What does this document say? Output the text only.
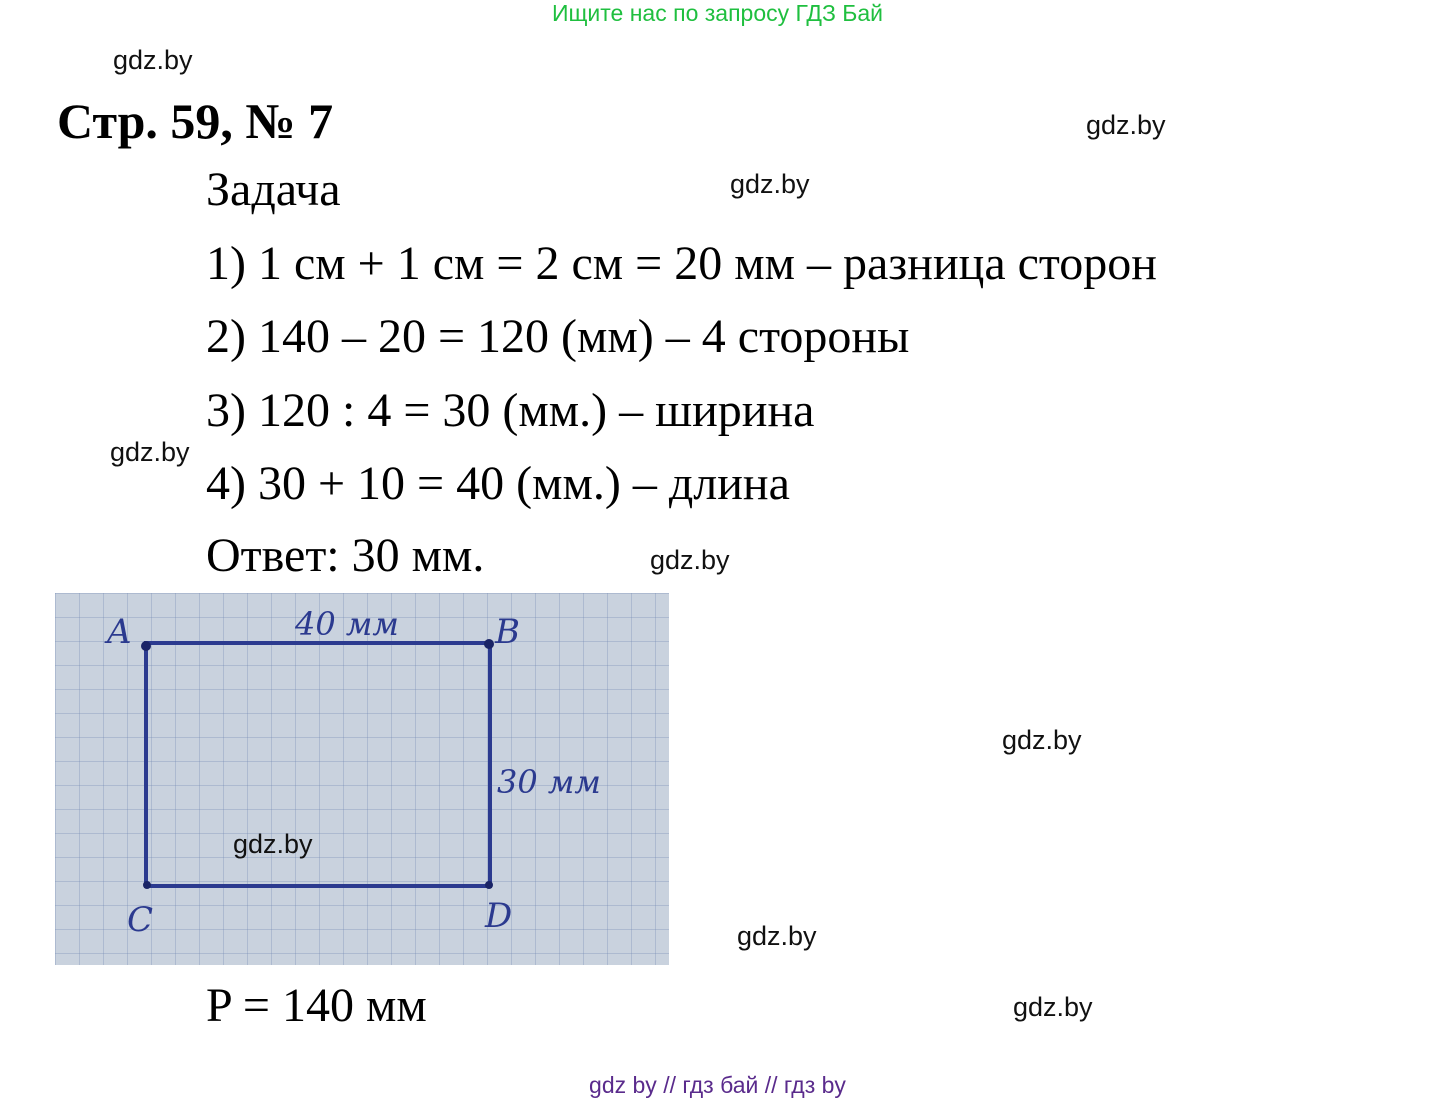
Ищите нас по запросу ГДЗ Бай
gdz.by
Стр. 59, № 7	gdz.by
Задача	gdz.by
1) 1 см + 1 см = 2 см = 20 мм – разница сторон
2) 140 – 20 = 120 (мм) – 4 стороны
3) 120 : 4 = 30 (мм.) – ширина
gdz.by
4) 30 + 10 = 40 (мм.) – длина
Ответ: 30 мм.	gdz.by
A	B
C	D
40 мм
30 мм
gdz.by
gdz.by
gdz.by
P = 140 мм	gdz.by
gdz by // гдз бай // гдз by
